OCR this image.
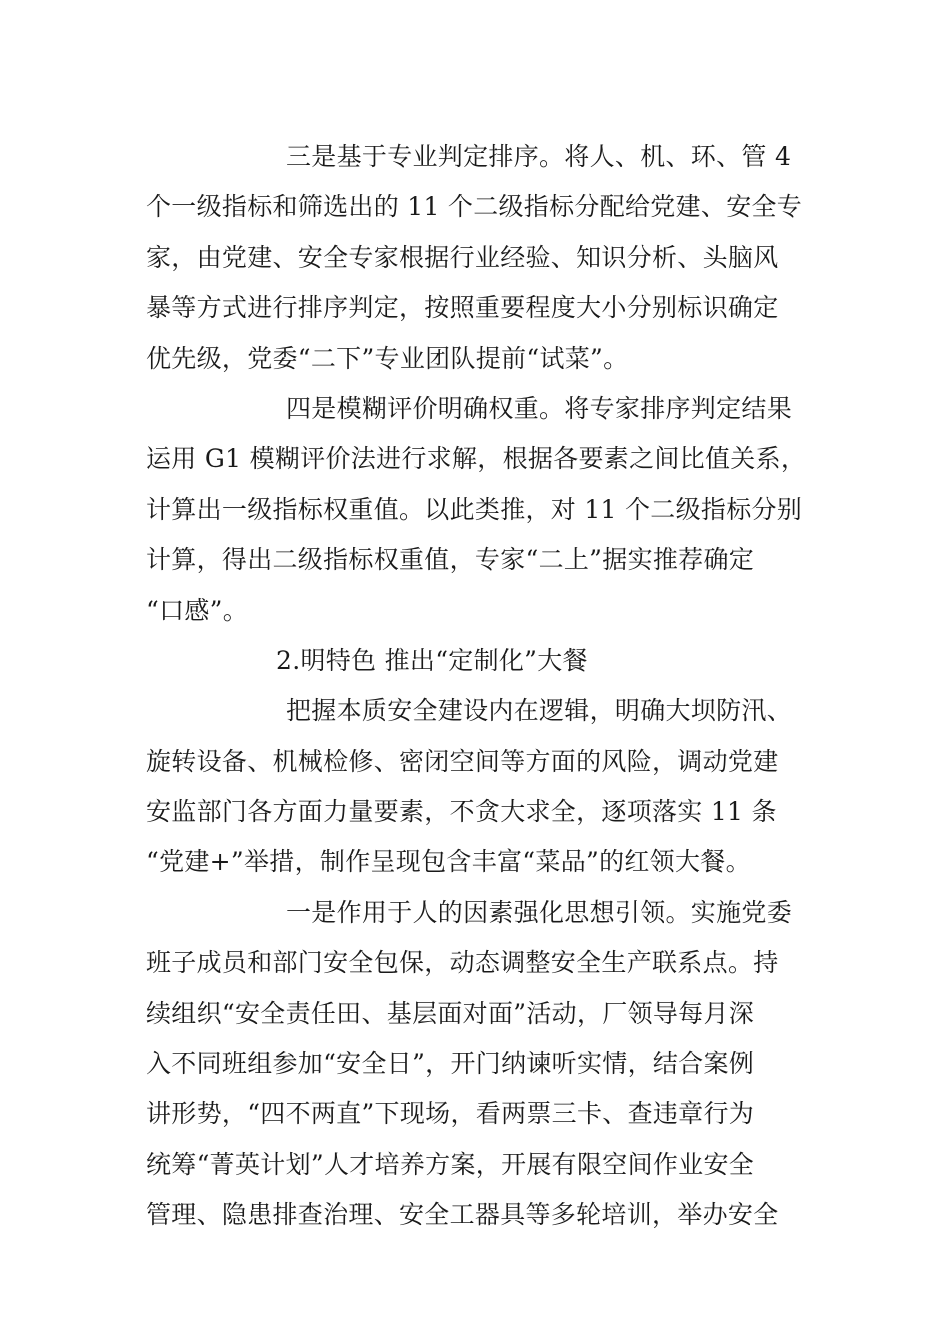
三是基于专业判定排序。将人、机、环、管 4
个一级指标和筛选出的 11 个二级指标分配给党建、安全专
家，由党建、安全专家根据行业经验、知识分析、头脑风
暴等方式进行排序判定，按照重要程度大小分别标识确定
优先级，党委“二下”专业团队提前“试菜”。
四是模糊评价明确权重。将专家排序判定结果
运用 G1 模糊评价法进行求解，根据各要素之间比值关系，
计算出一级指标权重值。以此类推，对 11 个二级指标分别
计算，得出二级指标权重值，专家“二上”据实推荐确定
“口感”。
2.明特色 推出“定制化”大餐
把握本质安全建设内在逻辑，明确大坝防汛、
旋转设备、机械检修、密闭空间等方面的风险，调动党建
安监部门各方面力量要素，不贪大求全，逐项落实 11 条
“党建+”举措，制作呈现包含丰富“菜品”的红领大餐。
一是作用于人的因素强化思想引领。实施党委
班子成员和部门安全包保，动态调整安全生产联系点。持
续组织“安全责任田、基层面对面”活动，厂领导每月深
入不同班组参加“安全日”，开门纳谏听实情，结合案例
讲形势，“四不两直”下现场，看两票三卡、查违章行为
统筹“菁英计划”人才培养方案，开展有限空间作业安全
管理、隐患排查治理、安全工器具等多轮培训，举办安全
